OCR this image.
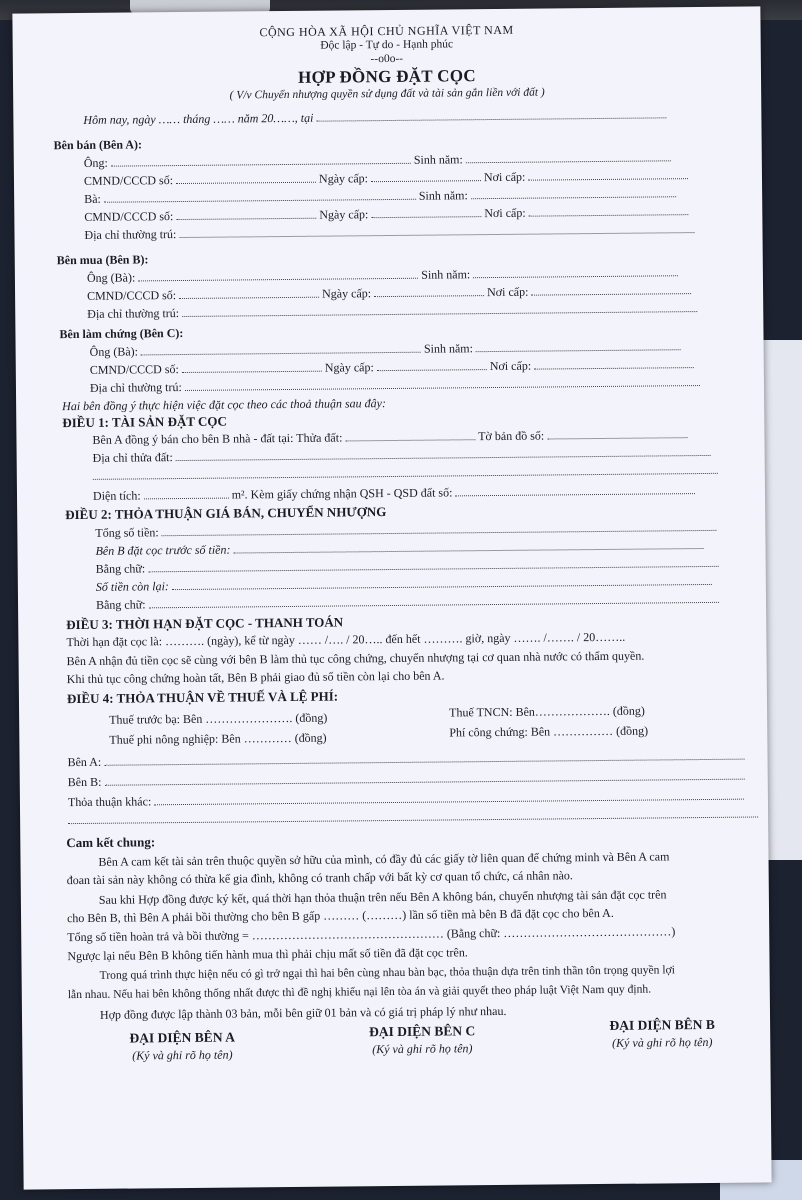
CỘNG HÒA XÃ HỘI CHỦ NGHĨA VIỆT NAM
Độc lập - Tự do - Hạnh phúc
--o0o--
HỢP ĐỒNG ĐẶT CỌC
( V/v Chuyển nhượng quyền sử dụng đất và tài sản gắn liền với đất )
Hôm nay, ngày …… tháng …… năm 20……, tại
Bên bán (Bên A):
Ông:	Sinh năm:
CMND/CCCD số:	Ngày cấp:	Nơi cấp:
Bà:	Sinh năm:
CMND/CCCD số:	Ngày cấp:	Nơi cấp:
Địa chỉ thường trú:
Bên mua (Bên B):
Ông (Bà):	Sinh năm:
CMND/CCCD số:	Ngày cấp:	Nơi cấp:
Địa chỉ thường trú:
Bên làm chứng (Bên C):
Ông (Bà):	Sinh năm:
CMND/CCCD số:	Ngày cấp:	Nơi cấp:
Địa chỉ thường trú:
Hai bên đồng ý thực hiện việc đặt cọc theo các thoả thuận sau đây:
ĐIỀU 1: TÀI SẢN ĐẶT CỌC
Bên A đồng ý bán cho bên B nhà - đất tại: Thửa đất:	Tờ bản đồ số:
Địa chỉ thửa đất:
Diện tích:	m². Kèm giấy chứng nhận QSH - QSD đất số:
ĐIỀU 2: THỎA THUẬN GIÁ BÁN, CHUYỂN NHƯỢNG
Tổng số tiền:
Bên B đặt cọc trước số tiền:
Bằng chữ:
Số tiền còn lại:
Bằng chữ:
ĐIỀU 3: THỜI HẠN ĐẶT CỌC - THANH TOÁN
Thời hạn đặt cọc là: ………. (ngày), kể từ ngày …… /…. / 20….. đến hết ………. giờ, ngày ……. /……. / 20……..
Bên A nhận đủ tiền cọc sẽ cùng với bên B làm thủ tục công chứng, chuyển nhượng tại cơ quan nhà nước có thẩm quyền.
Khi thủ tục công chứng hoàn tất, Bên B phải giao đủ số tiền còn lại cho bên A.
ĐIỀU 4: THỎA THUẬN VỀ THUẾ VÀ LỆ PHÍ:
Thuế trước bạ: Bên …………………. (đồng)	Thuế TNCN: Bên………………. (đồng)
Thuế phi nông nghiệp: Bên ………… (đồng)	Phí công chứng: Bên …………… (đồng)
Bên A:
Bên B:
Thỏa thuận khác:
Cam kết chung:
Bên A cam kết tài sản trên thuộc quyền sở hữu của mình, có đầy đủ các giấy tờ liên quan để chứng minh và Bên A cam
đoan tài sản này không có thừa kế gia đình, không có tranh chấp với bất kỳ cơ quan tổ chức, cá nhân nào.
Sau khi Hợp đồng được ký kết, quá thời hạn thỏa thuận trên nếu Bên A không bán, chuyển nhượng tài sản đặt cọc trên
cho Bên B, thì Bên A phải bồi thường cho bên B gấp ……… (………) lần số tiền mà bên B đã đặt cọc cho bên A.
Tổng số tiền hoàn trả và bồi thường = ………………………………………… (Bằng chữ: ……………………………………)
Ngược lại nếu Bên B không tiến hành mua thì phải chịu mất số tiền đã đặt cọc trên.
Trong quá trình thực hiện nếu có gì trở ngại thì hai bên cùng nhau bàn bạc, thỏa thuận dựa trên tinh thần tôn trọng quyền lợi
lẫn nhau. Nếu hai bên không thống nhất được thì đề nghị khiếu nại lên tòa án và giải quyết theo pháp luật Việt Nam quy định.
Hợp đồng được lập thành 03 bản, mỗi bên giữ 01 bản và có giá trị pháp lý như nhau.
ĐẠI DIỆN BÊN A
(Ký và ghi rõ họ tên)
ĐẠI DIỆN BÊN C
(Ký và ghi rõ họ tên)
ĐẠI DIỆN BÊN B
(Ký và ghi rõ họ tên)
